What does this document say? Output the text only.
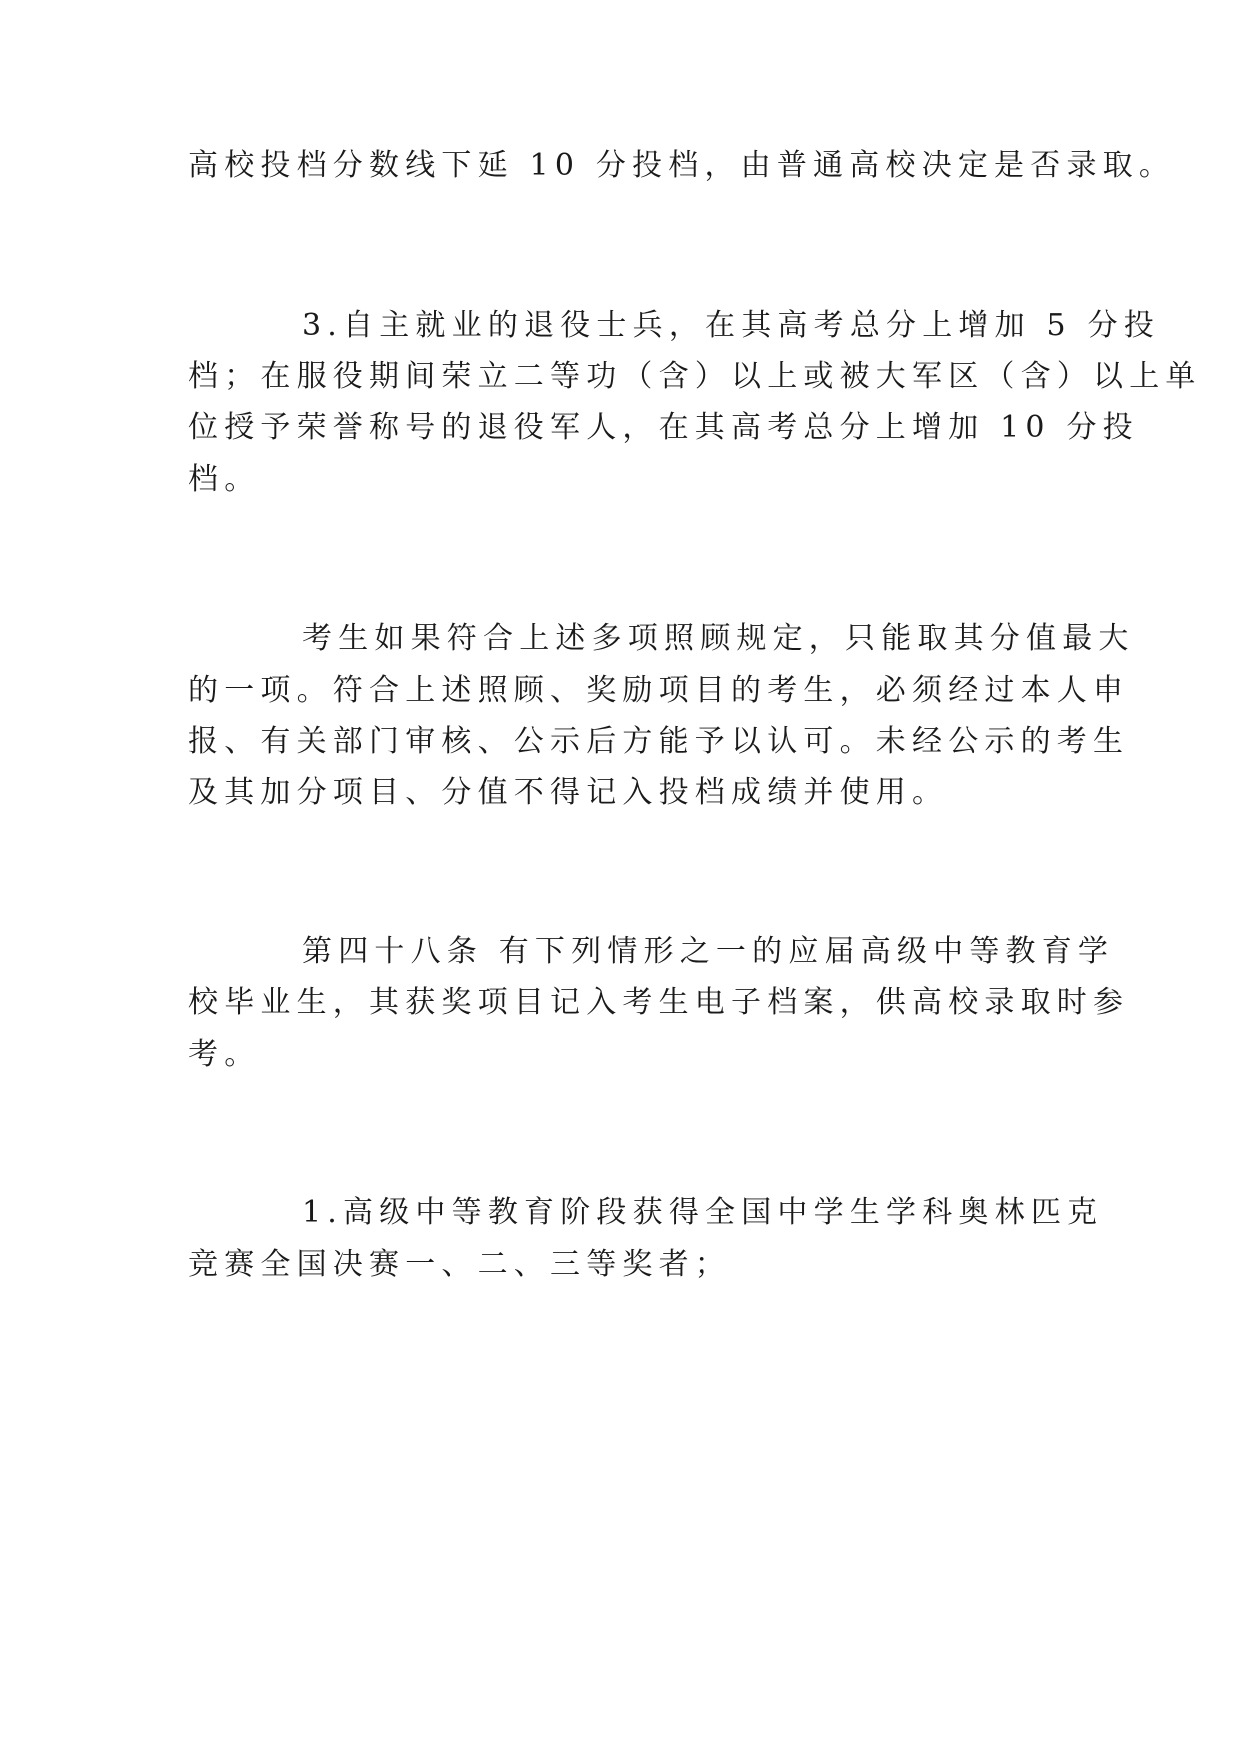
高校投档分数线下延 10 分投档，由普通高校决定是否录取。
3.自主就业的退役士兵，在其高考总分上增加 5 分投
档；在服役期间荣立二等功（含）以上或被大军区（含）以上单
位授予荣誉称号的退役军人，在其高考总分上增加 10 分投
档。
考生如果符合上述多项照顾规定，只能取其分值最大
的一项。符合上述照顾、奖励项目的考生，必须经过本人申
报、有关部门审核、公示后方能予以认可。未经公示的考生
及其加分项目、分值不得记入投档成绩并使用。
第四十八条 有下列情形之一的应届高级中等教育学
校毕业生，其获奖项目记入考生电子档案，供高校录取时参
考。
1.高级中等教育阶段获得全国中学生学科奥林匹克
竞赛全国决赛一、二、三等奖者；
